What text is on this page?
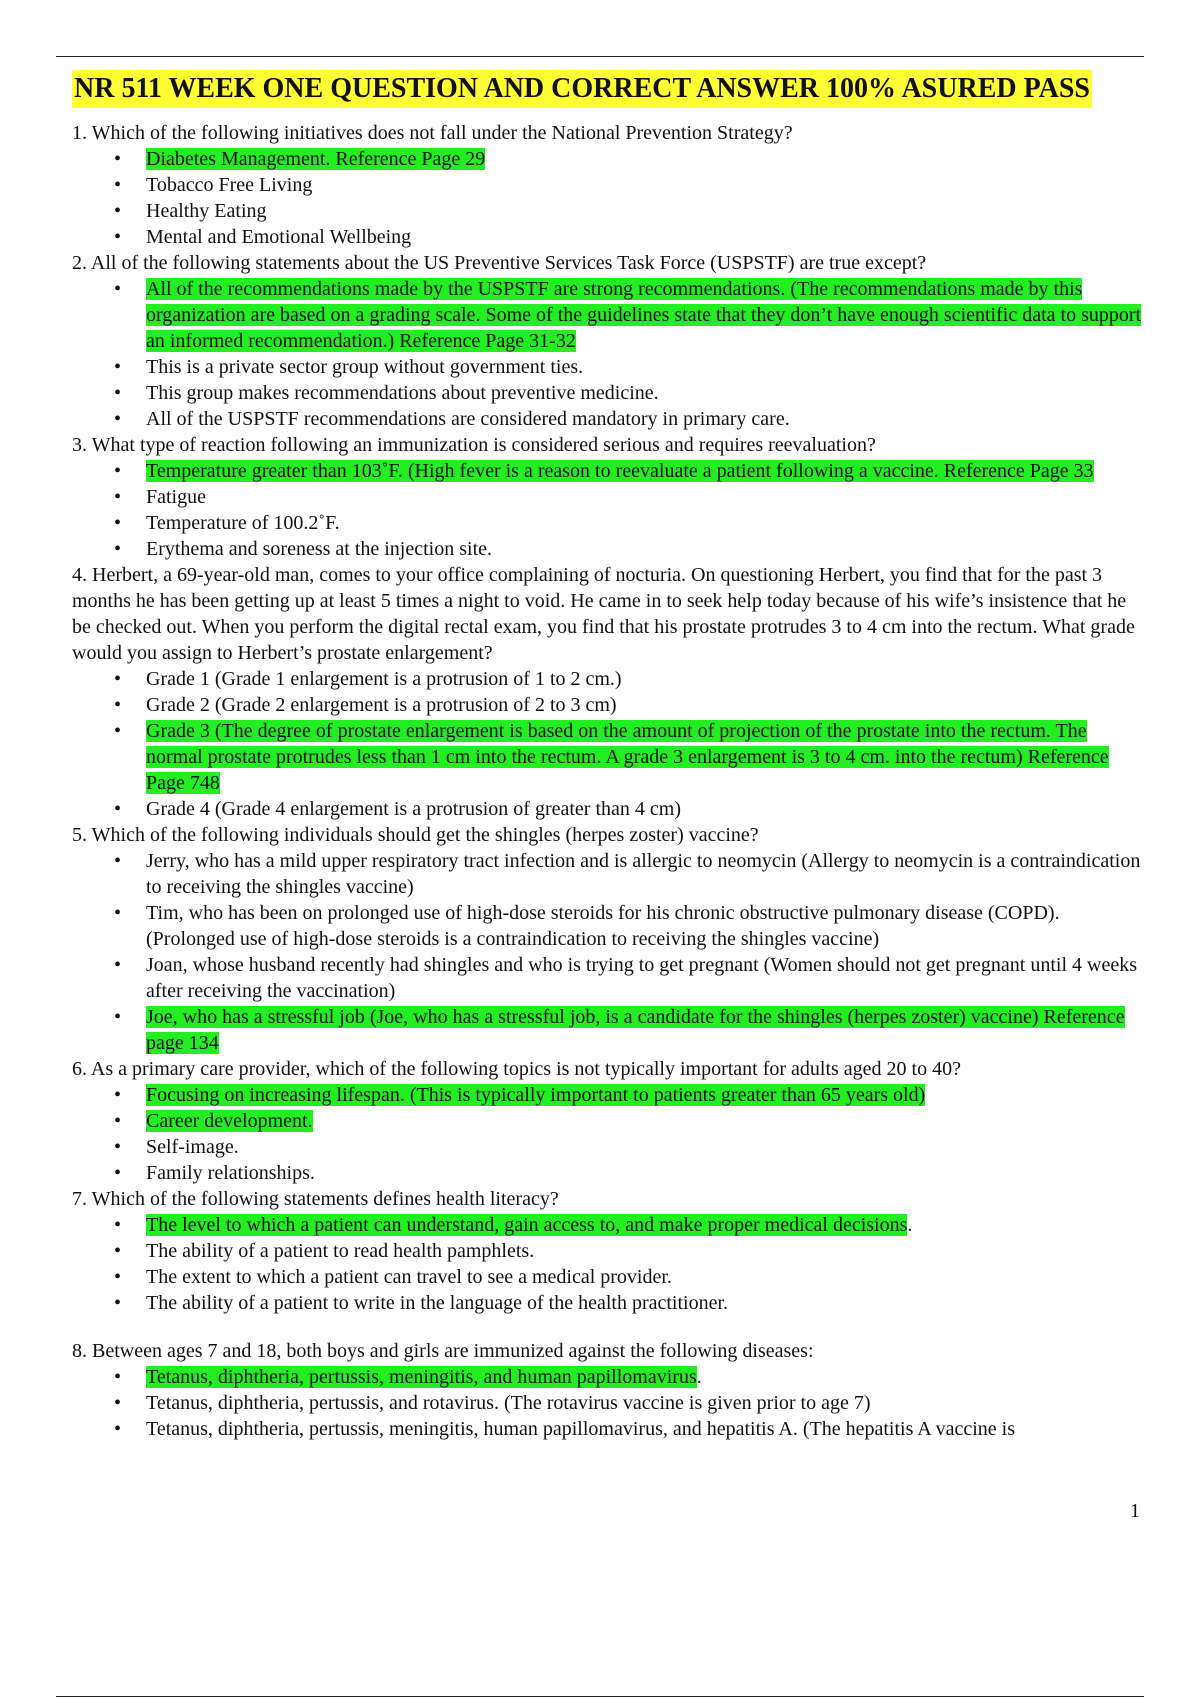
NR 511 WEEK ONE QUESTION AND CORRECT ANSWER 100% ASURED PASS

1. Which of the following initiatives does not fall under the National Prevention Strategy?

• Diabetes Management. Reference Page 29
• Tobacco Free Living
• Healthy Eating
• Mental and Emotional Wellbeing

2. All of the following statements about the US Preventive Services Task Force (USPSTF) are true except?

• All of the recommendations made by the USPSTF are strong recommendations. (The recommendations made by this organization are based on a grading scale. Some of the guidelines state that they don’t have enough scientific data to support an informed recommendation.) Reference Page 31-32
• This is a private sector group without government ties.
• This group makes recommendations about preventive medicine.
• All of the USPSTF recommendations are considered mandatory in primary care.

3. What type of reaction following an immunization is considered serious and requires reevaluation?

• Temperature greater than 103˚F. (High fever is a reason to reevaluate a patient following a vaccine. Reference Page 33
• Fatigue
• Temperature of 100.2˚F.
• Erythema and soreness at the injection site.

4. Herbert, a 69-year-old man, comes to your office complaining of nocturia. On questioning Herbert, you find that for the past 3 months he has been getting up at least 5 times a night to void. He came in to seek help today because of his wife’s insistence that he be checked out. When you perform the digital rectal exam, you find that his prostate protrudes 3 to 4 cm into the rectum. What grade would you assign to Herbert’s prostate enlargement?

• Grade 1 (Grade 1 enlargement is a protrusion of 1 to 2 cm.)
• Grade 2 (Grade 2 enlargement is a protrusion of 2 to 3 cm)
• Grade 3 (The degree of prostate enlargement is based on the amount of projection of the prostate into the rectum. The normal prostate protrudes less than 1 cm into the rectum. A grade 3 enlargement is 3 to 4 cm. into the rectum) Reference Page 748
• Grade 4 (Grade 4 enlargement is a protrusion of greater than 4 cm)

5. Which of the following individuals should get the shingles (herpes zoster) vaccine?

• Jerry, who has a mild upper respiratory tract infection and is allergic to neomycin (Allergy to neomycin is a contraindication to receiving the shingles vaccine)
• Tim, who has been on prolonged use of high-dose steroids for his chronic obstructive pulmonary disease (COPD). (Prolonged use of high-dose steroids is a contraindication to receiving the shingles vaccine)
• Joan, whose husband recently had shingles and who is trying to get pregnant (Women should not get pregnant until 4 weeks after receiving the vaccination)
• Joe, who has a stressful job (Joe, who has a stressful job, is a candidate for the shingles (herpes zoster) vaccine) Reference page 134

6. As a primary care provider, which of the following topics is not typically important for adults aged 20 to 40?

• Focusing on increasing lifespan. (This is typically important to patients greater than 65 years old)
• Career development.
• Self-image.
• Family relationships.

7. Which of the following statements defines health literacy?

• The level to which a patient can understand, gain access to, and make proper medical decisions.
• The ability of a patient to read health pamphlets.
• The extent to which a patient can travel to see a medical provider.
• The ability of a patient to write in the language of the health practitioner.

8. Between ages 7 and 18, both boys and girls are immunized against the following diseases:

• Tetanus, diphtheria, pertussis, meningitis, and human papillomavirus.
• Tetanus, diphtheria, pertussis, and rotavirus. (The rotavirus vaccine is given prior to age 7)
• Tetanus, diphtheria, pertussis, meningitis, human papillomavirus, and hepatitis A. (The hepatitis A vaccine is
1
